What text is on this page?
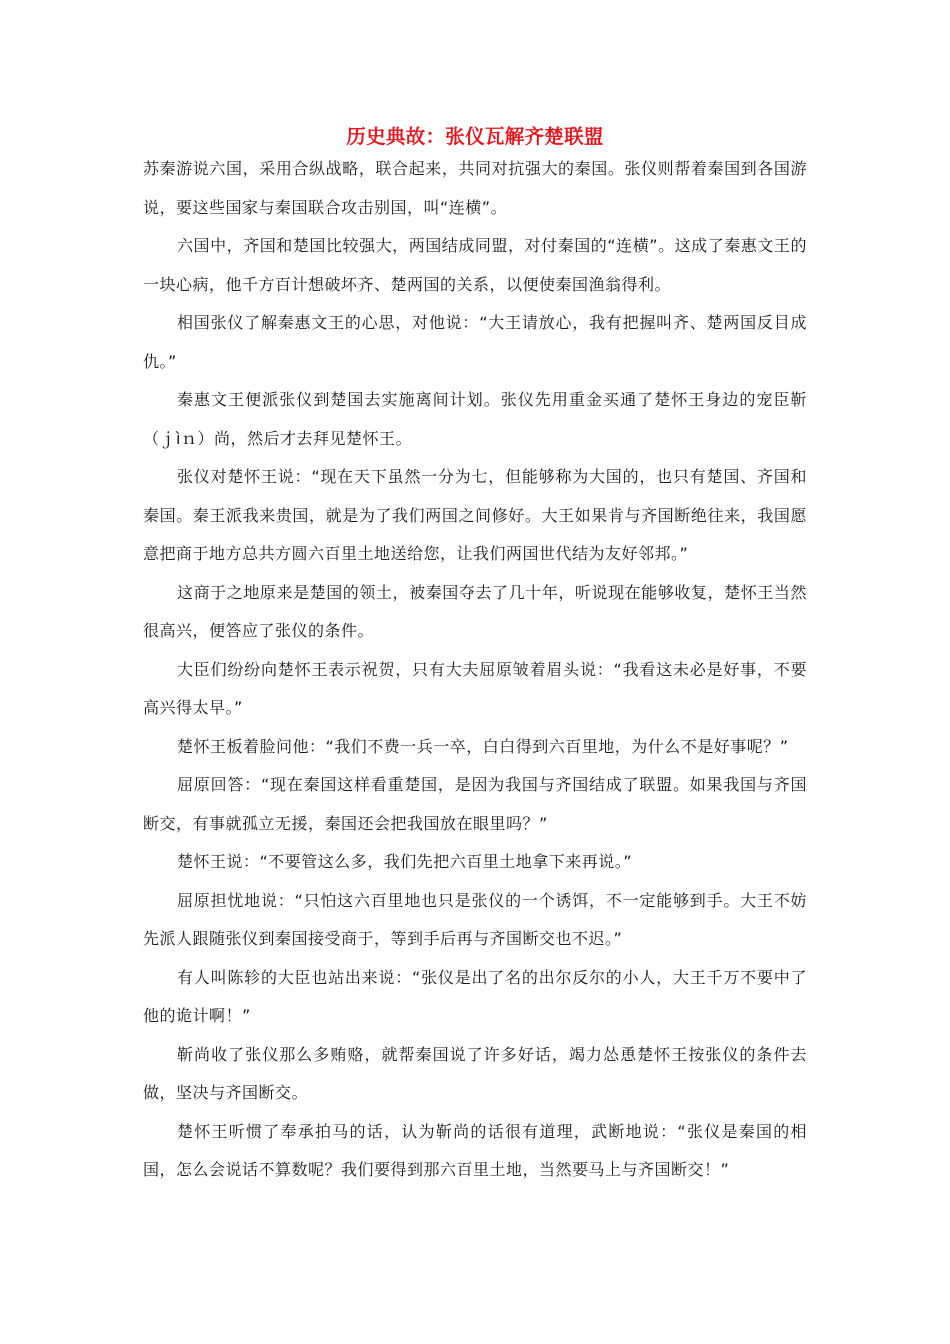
历史典故：张仪瓦解齐楚联盟

苏秦游说六国，采用合纵战略，联合起来，共同对抗强大的秦国。张仪则帮着秦国到各国游说，要这些国家与秦国联合攻击别国，叫“连横”。

六国中，齐国和楚国比较强大，两国结成同盟，对付秦国的“连横”。这成了秦惠文王的一块心病，他千方百计想破坏齐、楚两国的关系，以便使秦国渔翁得利。

相国张仪了解秦惠文王的心思，对他说：“大王请放心，我有把握叫齐、楚两国反目成仇。”

秦惠文王便派张仪到楚国去实施离间计划。张仪先用重金买通了楚怀王身边的宠臣靳（ｊìｎ）尚，然后才去拜见楚怀王。

张仪对楚怀王说：“现在天下虽然一分为七，但能够称为大国的，也只有楚国、齐国和秦国。秦王派我来贵国，就是为了我们两国之间修好。大王如果肯与齐国断绝往来，我国愿意把商于地方总共方圆六百里土地送给您，让我们两国世代结为友好邻邦。”

这商于之地原来是楚国的领土，被秦国夺去了几十年，听说现在能够收复，楚怀王当然很高兴，便答应了张仪的条件。

大臣们纷纷向楚怀王表示祝贺，只有大夫屈原皱着眉头说：“我看这未必是好事，不要高兴得太早。”

楚怀王板着脸问他：“我们不费一兵一卒，白白得到六百里地，为什么不是好事呢？”

屈原回答：“现在秦国这样看重楚国，是因为我国与齐国结成了联盟。如果我国与齐国断交，有事就孤立无援，秦国还会把我国放在眼里吗？”

楚怀王说：“不要管这么多，我们先把六百里土地拿下来再说。”

屈原担忧地说：“只怕这六百里地也只是张仪的一个诱饵，不一定能够到手。大王不妨先派人跟随张仪到秦国接受商于，等到手后再与齐国断交也不迟。”

有人叫陈轸的大臣也站出来说：“张仪是出了名的出尔反尔的小人，大王千万不要中了他的诡计啊！”

靳尚收了张仪那么多贿赂，就帮秦国说了许多好话，竭力怂恿楚怀王按张仪的条件去做，坚决与齐国断交。

楚怀王听惯了奉承拍马的话，认为靳尚的话很有道理，武断地说：“张仪是秦国的相国，怎么会说话不算数呢？我们要得到那六百里土地，当然要马上与齐国断交！”
